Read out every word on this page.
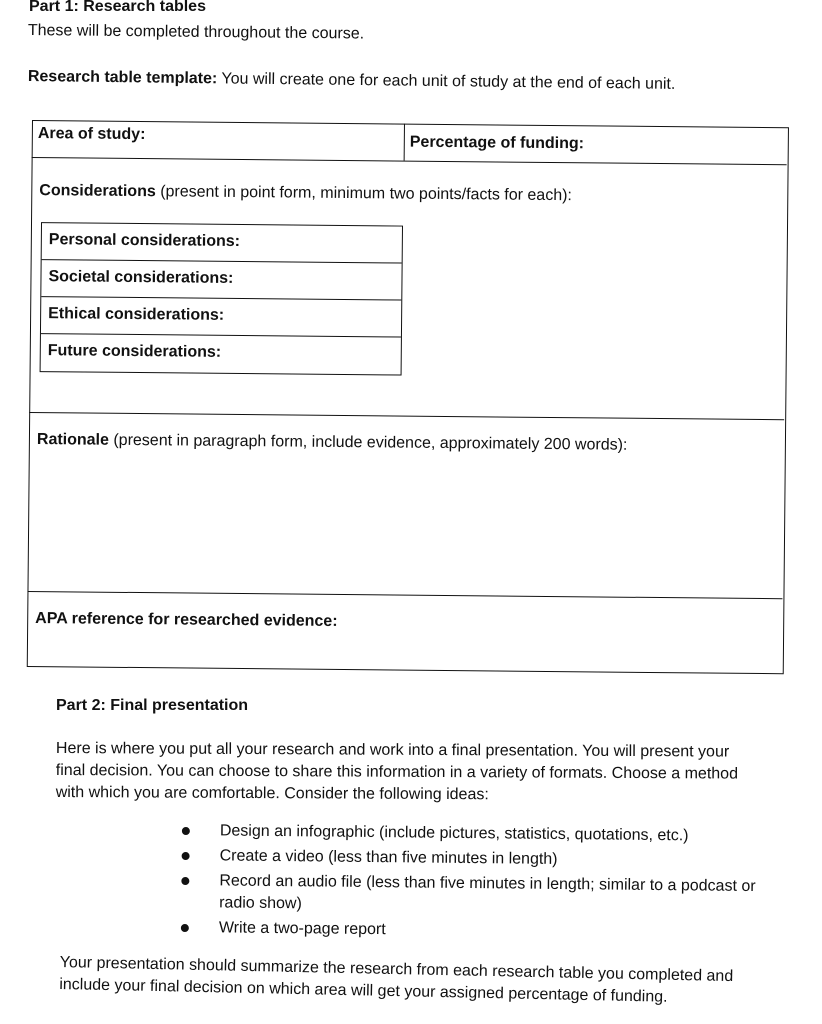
Part 1: Research tables
These will be completed throughout the course.
Research table template: You will create one for each unit of study at the end of each unit.
Area of study:	Percentage of funding:
Considerations (present in point form, minimum two points/facts for each):
Personal considerations:
Societal considerations:
Ethical considerations:
Future considerations:
Rationale (present in paragraph form, include evidence, approximately 200 words):
APA reference for researched evidence:
Part 2: Final presentation
Here is where you put all your research and work into a final presentation. You will present your final decision. You can choose to share this information in a variety of formats. Choose a method with which you are comfortable. Consider the following ideas:
Design an infographic (include pictures, statistics, quotations, etc.)
Create a video (less than five minutes in length)
Record an audio file (less than five minutes in length; similar to a podcast or radio show)
Write a two-page report
Your presentation should summarize the research from each research table you completed and include your final decision on which area will get your assigned percentage of funding.
